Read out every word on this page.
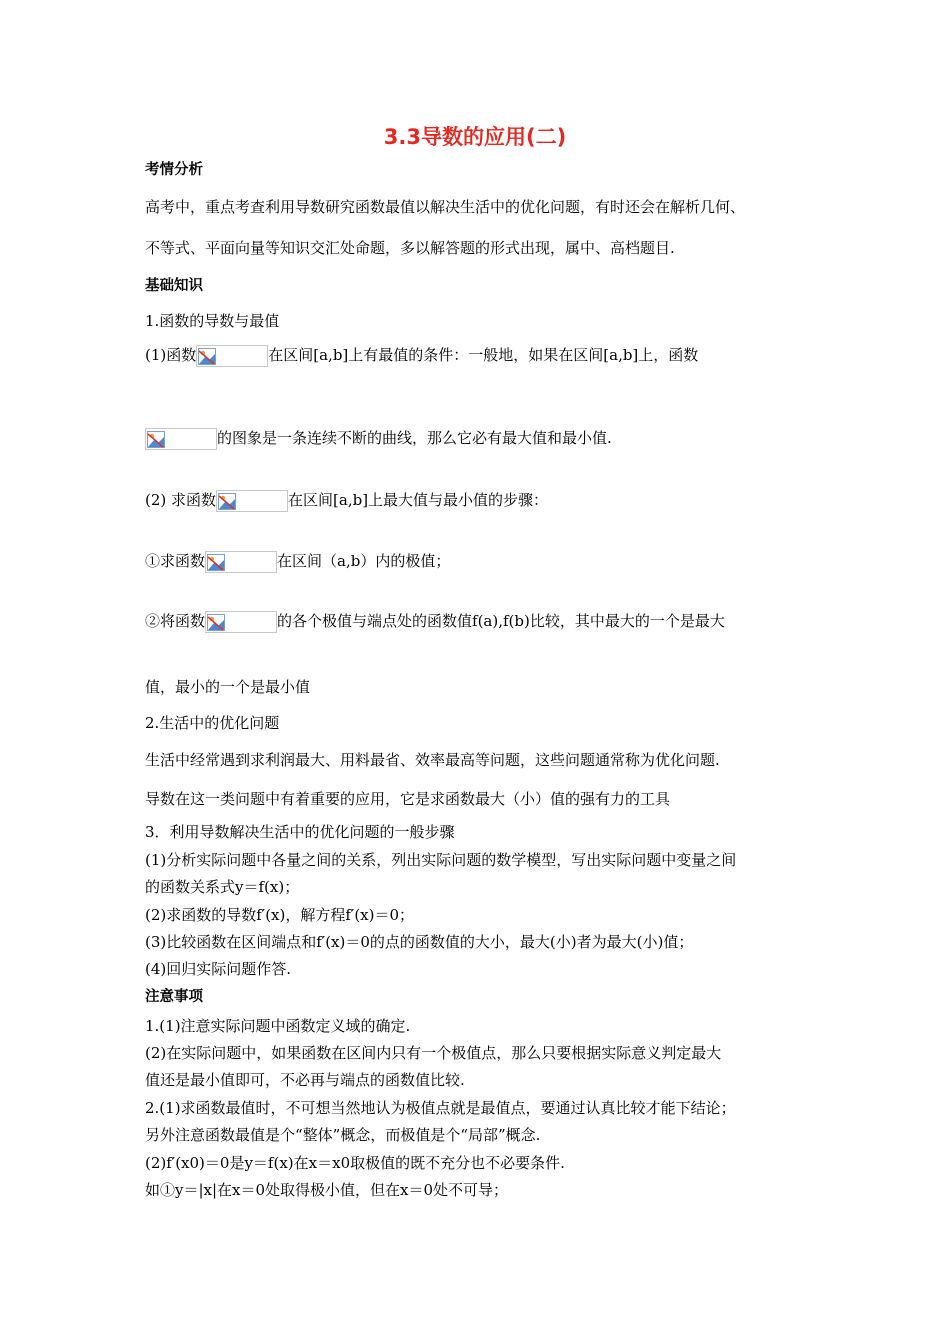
3.3导数的应用(二)
考情分析
高考中，重点考查利用导数研究函数最值以解决生活中的优化问题，有时还会在解析几何、
不等式、平面向量等知识交汇处命题，多以解答题的形式出现，属中、高档题目.
基础知识
1.函数的导数与最值
(1)函数	在区间[a,b]上有最值的条件：一般地，如果在区间[a,b]上，函数
的图象是一条连续不断的曲线，那么它必有最大值和最小值.
(2) 求函数	在区间[a,b]上最大值与最小值的步骤：
①求函数	在区间（a,b）内的极值；
②将函数	的各个极值与端点处的函数值f(a),f(b)比较，其中最大的一个是最大
值，最小的一个是最小值
2.生活中的优化问题
生活中经常遇到求利润最大、用料最省、效率最高等问题，这些问题通常称为优化问题.
导数在这一类问题中有着重要的应用，它是求函数最大（小）值的强有力的工具
3．利用导数解决生活中的优化问题的一般步骤
(1)分析实际问题中各量之间的关系，列出实际问题的数学模型，写出实际问题中变量之间
的函数关系式y＝f(x)；
(2)求函数的导数f′(x)，解方程f′(x)＝0；
(3)比较函数在区间端点和f′(x)＝0的点的函数值的大小，最大(小)者为最大(小)值；
(4)回归实际问题作答.
注意事项
1.(1)注意实际问题中函数定义域的确定.
(2)在实际问题中，如果函数在区间内只有一个极值点，那么只要根据实际意义判定最大
值还是最小值即可，不必再与端点的函数值比较.
2.(1)求函数最值时，不可想当然地认为极值点就是最值点，要通过认真比较才能下结论；
另外注意函数最值是个“整体”概念，而极值是个“局部”概念.
(2)f′(x0)＝0是y＝f(x)在x＝x0取极值的既不充分也不必要条件.
如①y＝|x|在x＝0处取得极小值，但在x＝0处不可导；
